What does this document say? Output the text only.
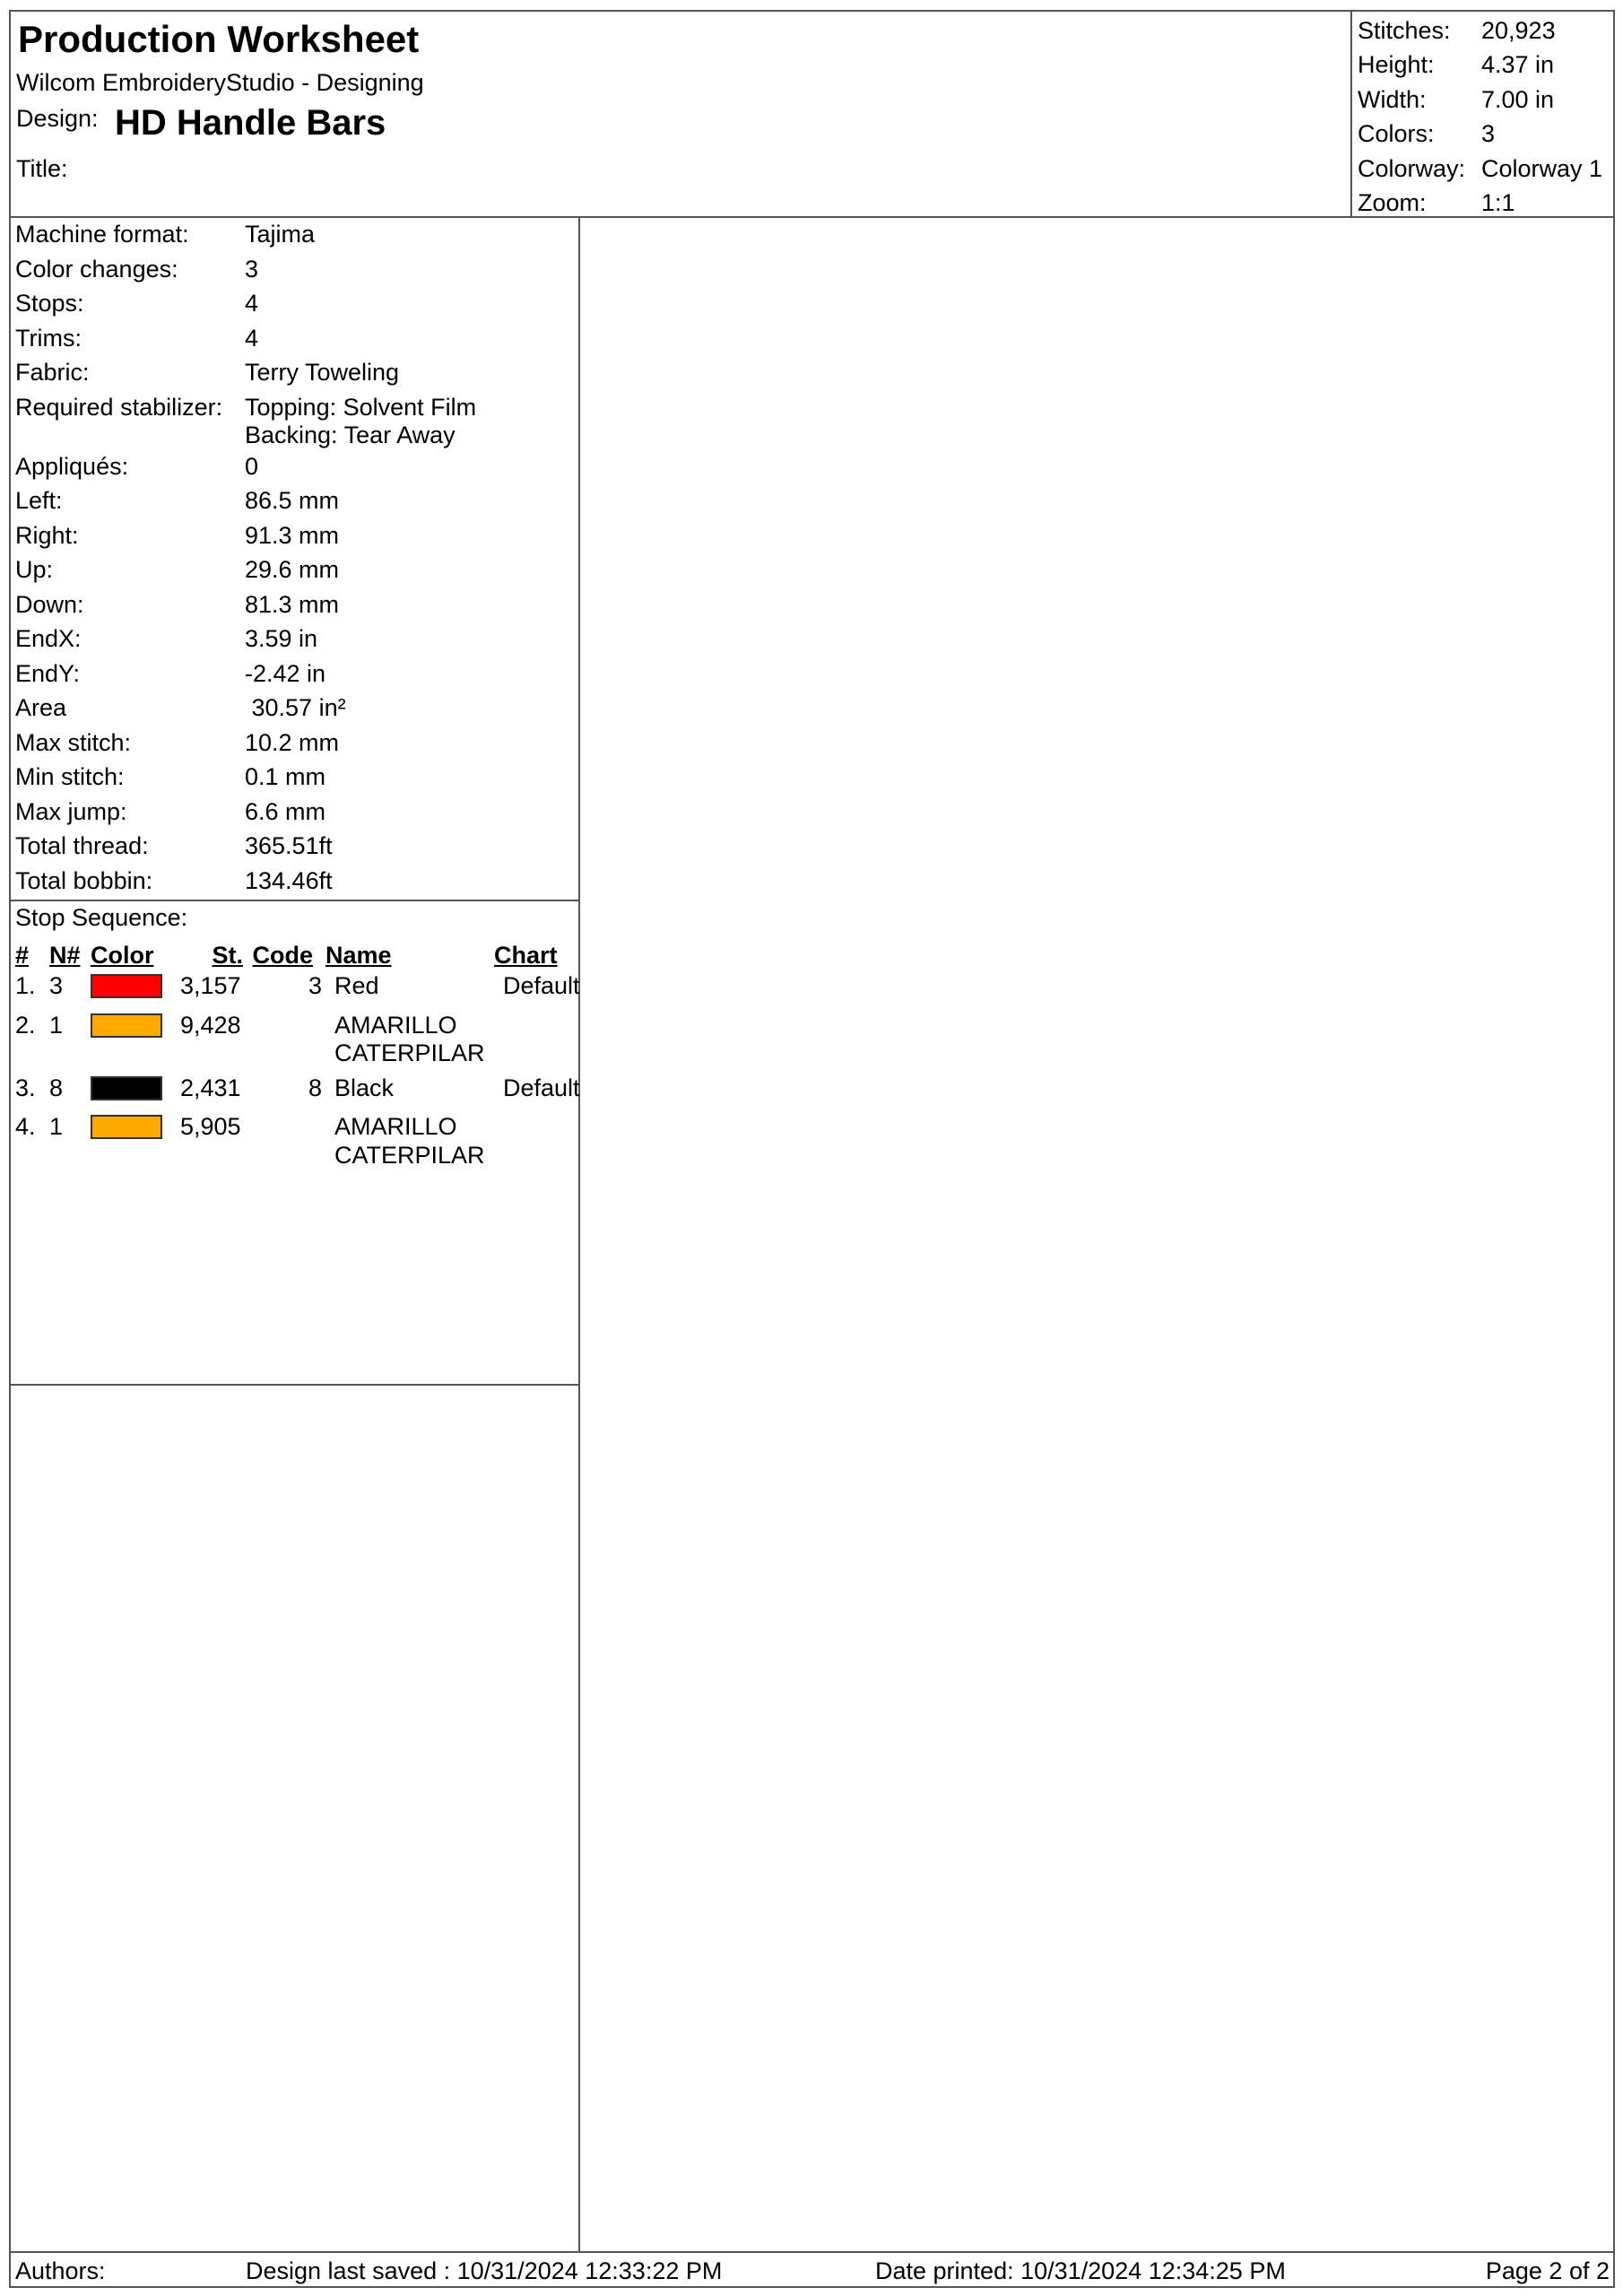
Production Worksheet
Wilcom EmbroideryStudio - Designing
Design: HD Handle Bars
Title:
Stitches:	20,923
Height:	4.37 in
Width:	7.00 in
Colors:	3
Colorway: Colorway 1
Zoom:	1:1
Machine format:	Tajima
Color changes:	3
Stops:	4
Trims:	4
Fabric:	Terry Toweling
Required stabilizer: Topping: Solvent Film
Backing: Tear Away
Appliqués:	0
Left:	86.5 mm
Right:	91.3 mm
Up:	29.6 mm
Down:	81.3 mm
EndX:	3.59 in
EndY:	-2.42 in
Area	30.57 in²
Max stitch:	10.2 mm
Min stitch:	0.1 mm
Max jump:	6.6 mm
Total thread:	365.51ft
Total bobbin:	134.46ft
Stop Sequence:
# N# Color	St. Code Name	Chart
1. 3	3,157	3 Red	Default
2. 1	9,428	AMARILLO
CATERPILAR
3. 8	2,431	8 Black	Default
4. 1	5,905	AMARILLO
CATERPILAR
Authors:	Design last saved : 10/31/2024 12:33:22 PM	Date printed: 10/31/2024 12:34:25 PM	Page 2 of 2
